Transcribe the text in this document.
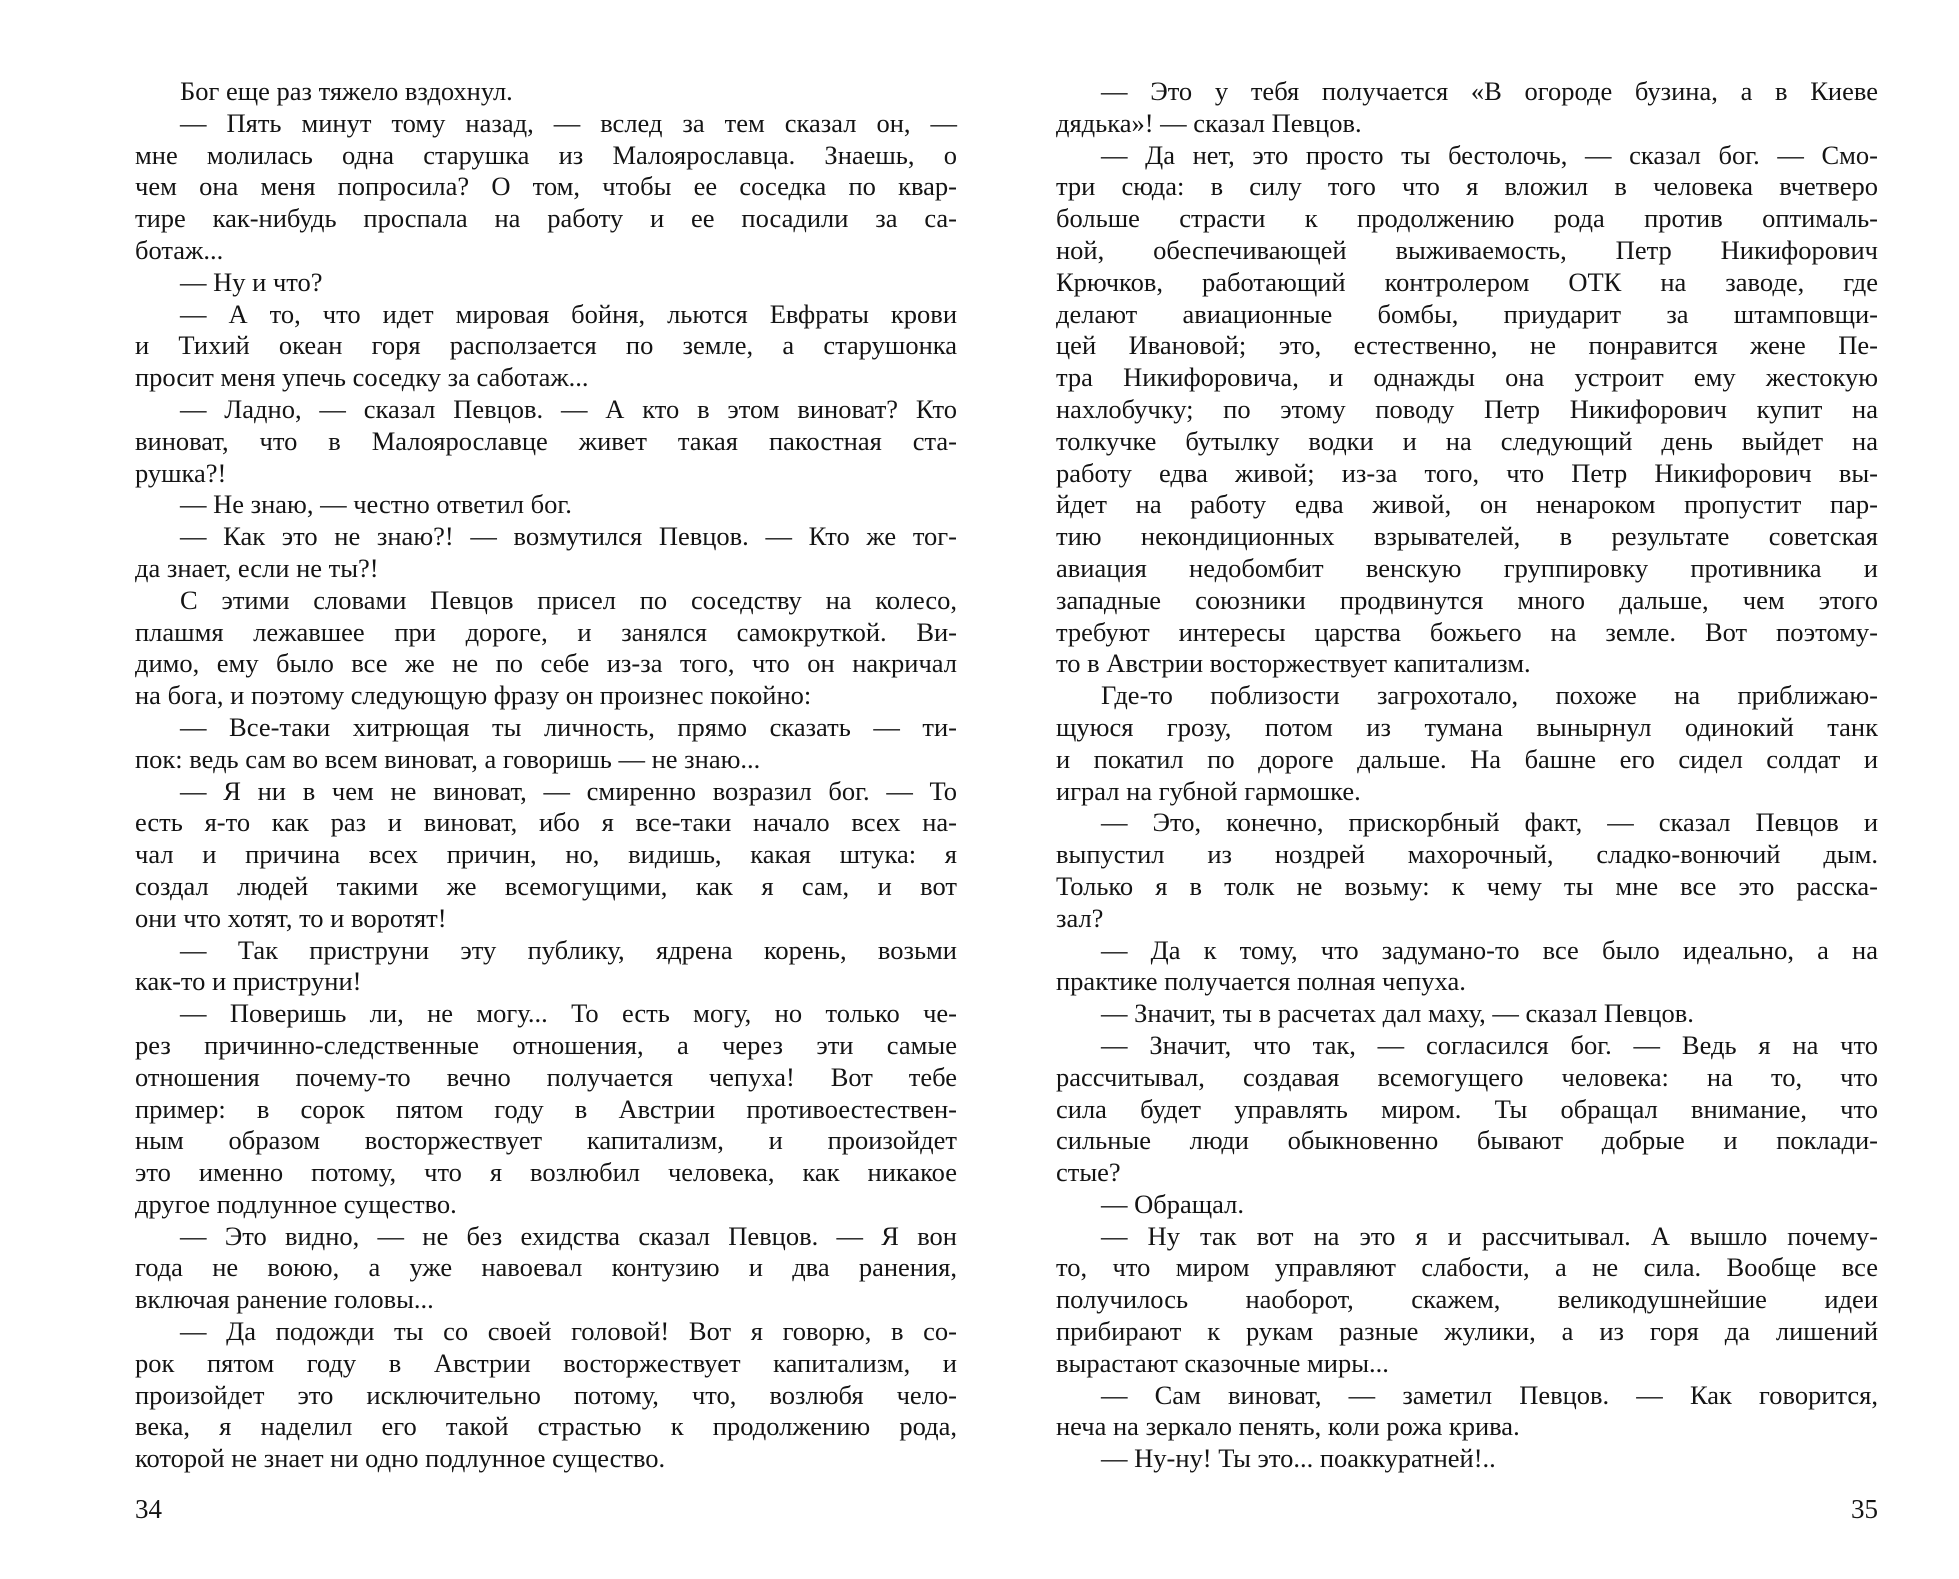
Бог еще раз тяжело вздохнул.
— Пять минут тому назад, — вслед за тем сказал он, —
мне молилась одна старушка из Малоярославца. Знаешь, о
чем она меня попросила? О том, чтобы ее соседка по квар-
тире как-нибудь проспала на работу и ее посадили за са-
ботаж...
— Ну и что?
— А то, что идет мировая бойня, льются Евфраты крови
и Тихий океан горя расползается по земле, а старушонка
просит меня упечь соседку за саботаж...
— Ладно, — сказал Певцов. — А кто в этом виноват? Кто
виноват, что в Малоярославце живет такая пакостная ста-
рушка?!
— Не знаю, — честно ответил бог.
— Как это не знаю?! — возмутился Певцов. — Кто же тог-
да знает, если не ты?!
С этими словами Певцов присел по соседству на колесо,
плашмя лежавшее при дороге, и занялся самокруткой. Ви-
димо, ему было все же не по себе из-за того, что он накричал
на бога, и поэтому следующую фразу он произнес покойно:
— Все-таки хитрющая ты личность, прямо сказать — ти-
пок: ведь сам во всем виноват, а говоришь — не знаю...
— Я ни в чем не виноват, — смиренно возразил бог. — То
есть я-то как раз и виноват, ибо я все-таки начало всех на-
чал и причина всех причин, но, видишь, какая штука: я
создал людей такими же всемогущими, как я сам, и вот
они что хотят, то и воротят!
— Так приструни эту публику, ядрена корень, возьми
как-то и приструни!
— Поверишь ли, не могу... То есть могу, но только че-
рез причинно-следственные отношения, а через эти самые
отношения почему-то вечно получается чепуха! Вот тебе
пример: в сорок пятом году в Австрии противоестествен-
ным образом восторжествует капитализм, и произойдет
это именно потому, что я возлюбил человека, как никакое
другое подлунное существо.
— Это видно, — не без ехидства сказал Певцов. — Я вон
года не воюю, а уже навоевал контузию и два ранения,
включая ранение головы...
— Да подожди ты со своей головой! Вот я говорю, в со-
рок пятом году в Австрии восторжествует капитализм, и
произойдет это исключительно потому, что, возлюбя чело-
века, я наделил его такой страстью к продолжению рода,
которой не знает ни одно подлунное существо.
34
— Это у тебя получается «В огороде бузина, а в Киеве
дядька»! — сказал Певцов.
— Да нет, это просто ты бестолочь, — сказал бог. — Смо-
три сюда: в силу того что я вложил в человека вчетверо
больше страсти к продолжению рода против оптималь-
ной, обеспечивающей выживаемость, Петр Никифорович
Крючков, работающий контролером ОТК на заводе, где
делают авиационные бомбы, приударит за штамповщи-
цей Ивановой; это, естественно, не понравится жене Пе-
тра Никифоровича, и однажды она устроит ему жестокую
нахлобучку; по этому поводу Петр Никифорович купит на
толкучке бутылку водки и на следующий день выйдет на
работу едва живой; из-за того, что Петр Никифорович вы-
йдет на работу едва живой, он ненароком пропустит пар-
тию некондиционных взрывателей, в результате советская
авиация недобомбит венскую группировку противника и
западные союзники продвинутся много дальше, чем этого
требуют интересы царства божьего на земле. Вот поэтому-
то в Австрии восторжествует капитализм.
Где-то поблизости загрохотало, похоже на приближаю-
щуюся грозу, потом из тумана вынырнул одинокий танк
и покатил по дороге дальше. На башне его сидел солдат и
играл на губной гармошке.
— Это, конечно, прискорбный факт, — сказал Певцов и
выпустил из ноздрей махорочный, сладко-вонючий дым.
Только я в толк не возьму: к чему ты мне все это расска-
зал?
— Да к тому, что задумано-то все было идеально, а на
практике получается полная чепуха.
— Значит, ты в расчетах дал маху, — сказал Певцов.
— Значит, что так, — согласился бог. — Ведь я на что
рассчитывал, создавая всемогущего человека: на то, что
сила будет управлять миром. Ты обращал внимание, что
сильные люди обыкновенно бывают добрые и поклади-
стые?
— Обращал.
— Ну так вот на это я и рассчитывал. А вышло почему-
то, что миром управляют слабости, а не сила. Вообще все
получилось наоборот, скажем, великодушнейшие идеи
прибирают к рукам разные жулики, а из горя да лишений
вырастают сказочные миры...
— Сам виноват, — заметил Певцов. — Как говорится,
неча на зеркало пенять, коли рожа крива.
— Ну-ну! Ты это... поаккуратней!..
35
